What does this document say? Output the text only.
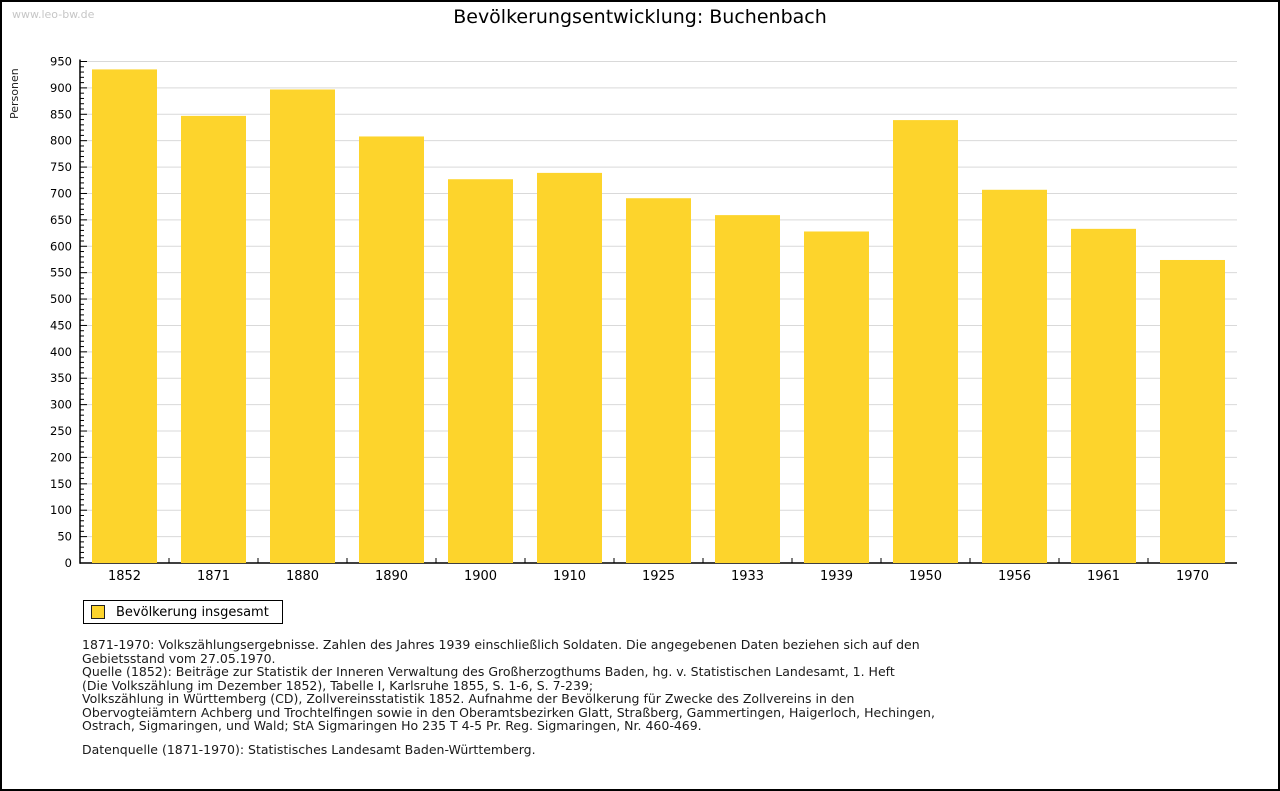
www.leo-bw.de	Bevölkerungsentwicklung: Buchenbach
Personen
0
50
100
150
200
250
300
350
400
450
500
550
600
650
700
750
800
850
900
950
1852	1871	1880	1890	1900	1910	1925	1933	1939	1950	1956	1961	1970
Bevölkerung insgesamt
1871-1970: Volkszählungsergebnisse. Zahlen des Jahres 1939 einschließlich Soldaten. Die angegebenen Daten beziehen sich auf den
Gebietsstand vom 27.05.1970.
Quelle (1852): Beiträge zur Statistik der Inneren Verwaltung des Großherzogthums Baden, hg. v. Statistischen Landesamt, 1. Heft
(Die Volkszählung im Dezember 1852), Tabelle I, Karlsruhe 1855, S. 1-6, S. 7-239;
Volkszählung in Württemberg (CD), Zollvereinsstatistik 1852. Aufnahme der Bevölkerung für Zwecke des Zollvereins in den
Obervogteiämtern Achberg und Trochtelfingen sowie in den Oberamtsbezirken Glatt, Straßberg, Gammertingen, Haigerloch, Hechingen,
Ostrach, Sigmaringen, und Wald; StA Sigmaringen Ho 235 T 4-5 Pr. Reg. Sigmaringen, Nr. 460-469.
Datenquelle (1871-1970): Statistisches Landesamt Baden-Württemberg.
